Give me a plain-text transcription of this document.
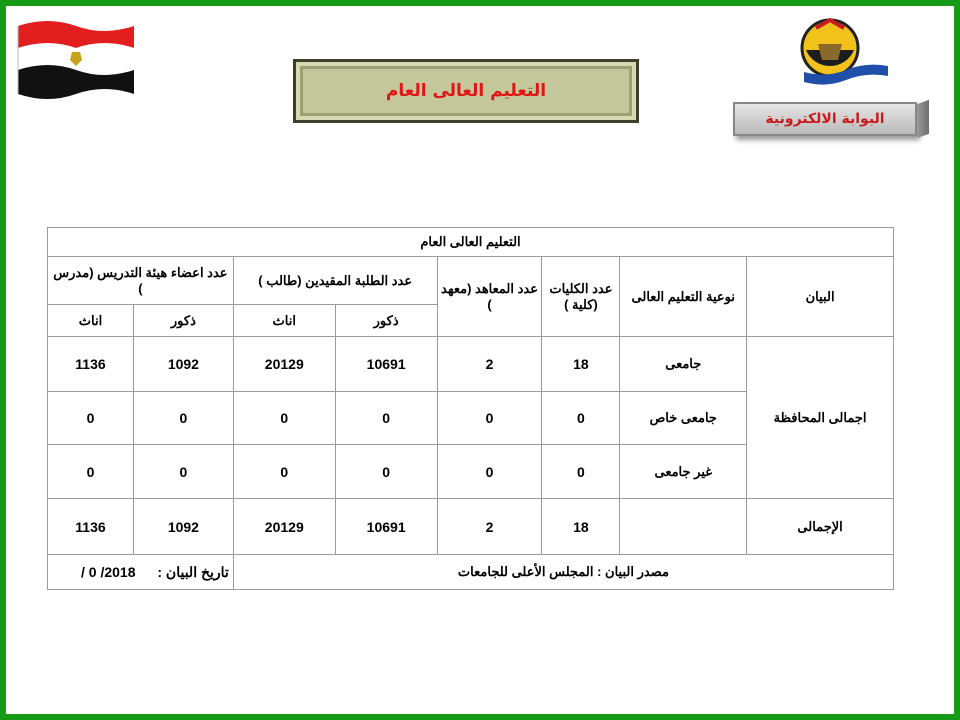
التعليم العالى العام
البوابة الالكترونية
التعليم العالى العام							
البيان	نوعية التعليم العالى	عدد الكليات (كلية )	عدد المعاهد (معهد )	عدد الطلبة المقيدين (طالب )		عدد اعضاء هيئة التدريس (مدرس )	
				ذكور	اناث	ذكور	اناث
اجمالى المحافظة	جامعى	18	2	10691	20129	1092	1136
	جامعى خاص	0	0	0	0	0	0
	غير جامعى	0	0	0	0	0	0
الإجمالى		18	2	10691	20129	1092	1136
مصدر البيان : المجلس الأعلى للجامعات						تاريخ البيان : / 0 /2018	
